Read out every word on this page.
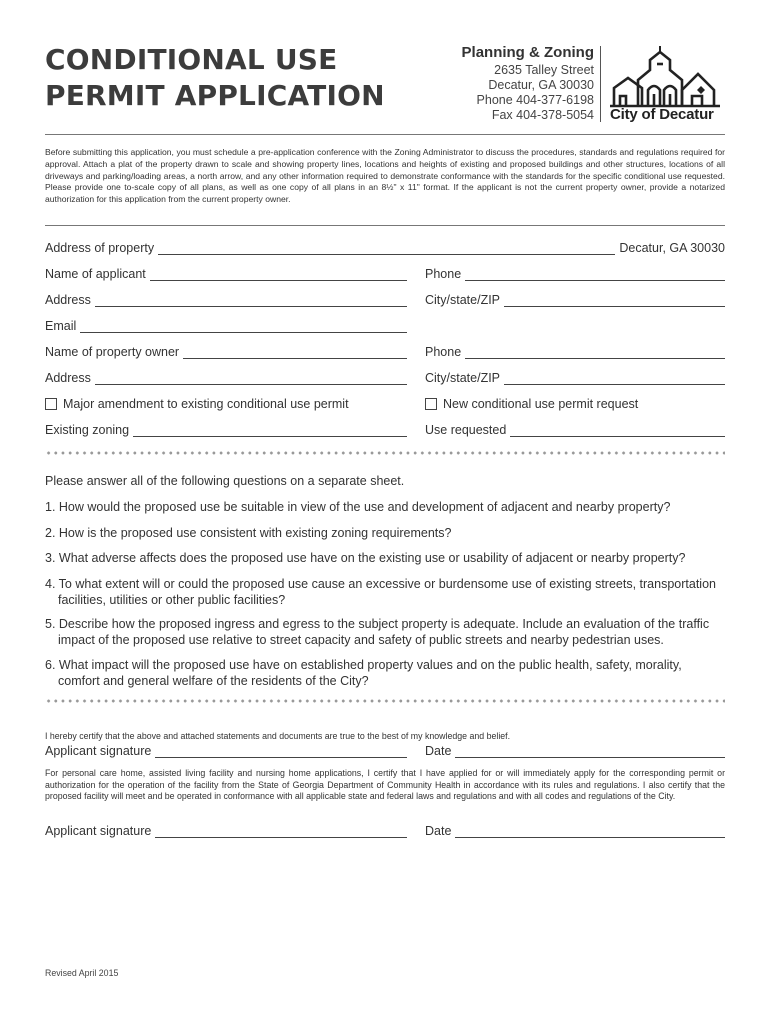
CONDITIONAL USE
PERMIT APPLICATION
Planning & Zoning
2635 Talley Street
Decatur, GA 30030
Phone 404-377-6198
Fax 404-378-5054 City of Decatur

Before submitting this application, you must schedule a pre-application conference with the Zoning Administrator to discuss the procedures, standards and regulations required for approval. Attach a plat of the property drawn to scale and showing property lines, locations and heights of existing and proposed buildings and other structures, locations of all driveways and parking/loading areas, a north arrow, and any other information required to demonstrate conformance with the standards for the specific conditional use requested. Please provide one to-scale copy of all plans, as well as one copy of all plans in an 8½" x 11" format. If the applicant is not the current property owner, provide a notarized authorization for this application from the current property owner.

Address of property	Decatur, GA 30030
Name of applicant	Phone
Address	City/state/ZIP
Email
Name of property owner	Phone
Address	City/state/ZIP
Major amendment to existing conditional use permit	New conditional use permit request
Existing zoning	Use requested

Please answer all of the following questions on a separate sheet.

1. How would the proposed use be suitable in view of the use and development of adjacent and nearby property?
2. How is the proposed use consistent with existing zoning requirements?
3. What adverse affects does the proposed use have on the existing use or usability of adjacent or nearby property?
4. To what extent will or could the proposed use cause an excessive or burdensome use of existing streets, transportation facilities, utilities or other public facilities?
5. Describe how the proposed ingress and egress to the subject property is adequate. Include an evaluation of the traffic impact of the proposed use relative to street capacity and safety of public streets and nearby pedestrian uses.
6. What impact will the proposed use have on established property values and on the public health, safety, morality, comfort and general welfare of the residents of the City?

I hereby certify that the above and attached statements and documents are true to the best of my knowledge and belief.

Applicant signature	Date

For personal care home, assisted living facility and nursing home applications, I certify that I have applied for or will immediately apply for the corresponding permit or authorization for the operation of the facility from the State of Georgia Department of Community Health in accordance with its rules and regulations. I also certify that the proposed facility will meet and be operated in conformance with all applicable state and federal laws and regulations and with all codes and regulations of the City.

Applicant signature	Date
Revised April 2015
